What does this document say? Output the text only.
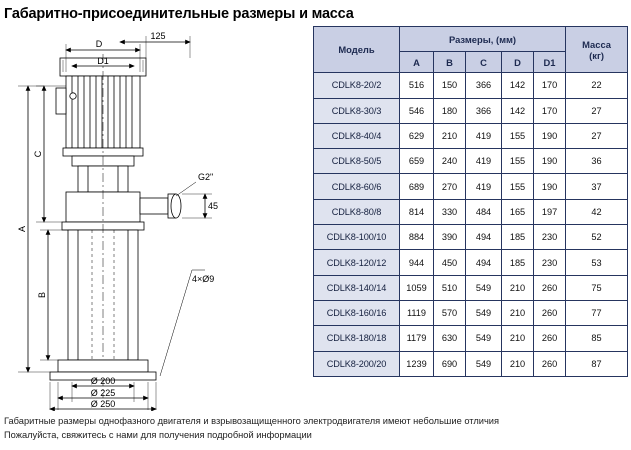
Габаритно-присоединительные размеры и масса
D
125
D1
C
A
B
G2"
45
4×Ø9
Ø 200
Ø 225
Ø 250
Модель	Размеры, (мм)					Масса
(кг)

	A	B	C	D	D1	
CDLK8-20/2	516	150	366	142	170	22
CDLK8-30/3	546	180	366	142	170	27
CDLK8-40/4	629	210	419	155	190	27
CDLK8-50/5	659	240	419	155	190	36
CDLK8-60/6	689	270	419	155	190	37
CDLK8-80/8	814	330	484	165	197	42
CDLK8-100/10	884	390	494	185	230	52
CDLK8-120/12	944	450	494	185	230	53
CDLK8-140/14	1059	510	549	210	260	75
CDLK8-160/16	1119	570	549	210	260	77
CDLK8-180/18	1179	630	549	210	260	85
CDLK8-200/20	1239	690	549	210	260	87
Габаритные размеры однофазного двигателя и взрывозащищенного электродвигателя имеют небольшие отличия
Пожалуйста, свяжитесь с нами для получения подробной информации
